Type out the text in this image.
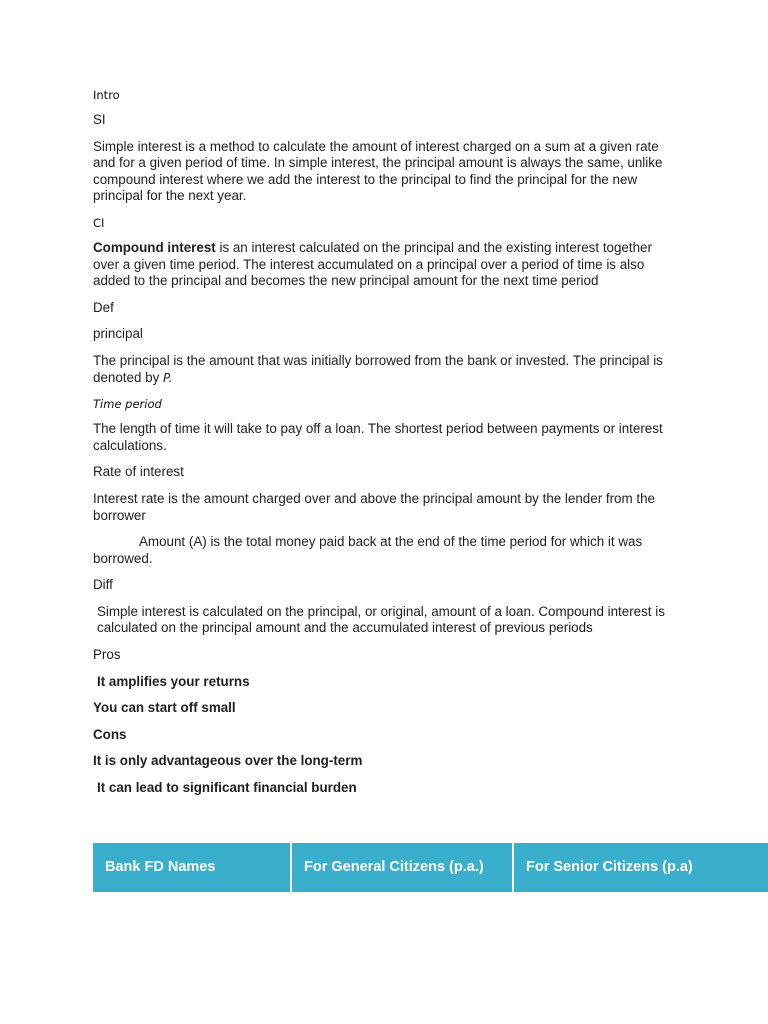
Intro

SI

Simple interest is a method to calculate the amount of interest charged on a sum at a given rate and for a given period of time. In simple interest, the principal amount is always the same, unlike compound interest where we add the interest to the principal to find the principal for the new principal for the next year.

CI

Compound interest is an interest calculated on the principal and the existing interest together over a given time period. The interest accumulated on a principal over a period of time is also added to the principal and becomes the new principal amount for the next time period

Def

principal

The principal is the amount that was initially borrowed from the bank or invested. The principal is denoted by P.

Time period

The length of time it will take to pay off a loan. The shortest period between payments or interest calculations.

Rate of interest

Interest rate is the amount charged over and above the principal amount by the lender from the borrower

Amount (A) is the total money paid back at the end of the time period for which it was borrowed.

Diff

Simple interest is calculated on the principal, or original, amount of a loan. Compound interest is calculated on the principal amount and the accumulated interest of previous periods

Pros

It amplifies your returns

You can start off small

Cons

It is only advantageous over the long-term

It can lead to significant financial burden

Bank FD Names	For General Citizens (p.a.)	For Senior Citizens (p.a)
